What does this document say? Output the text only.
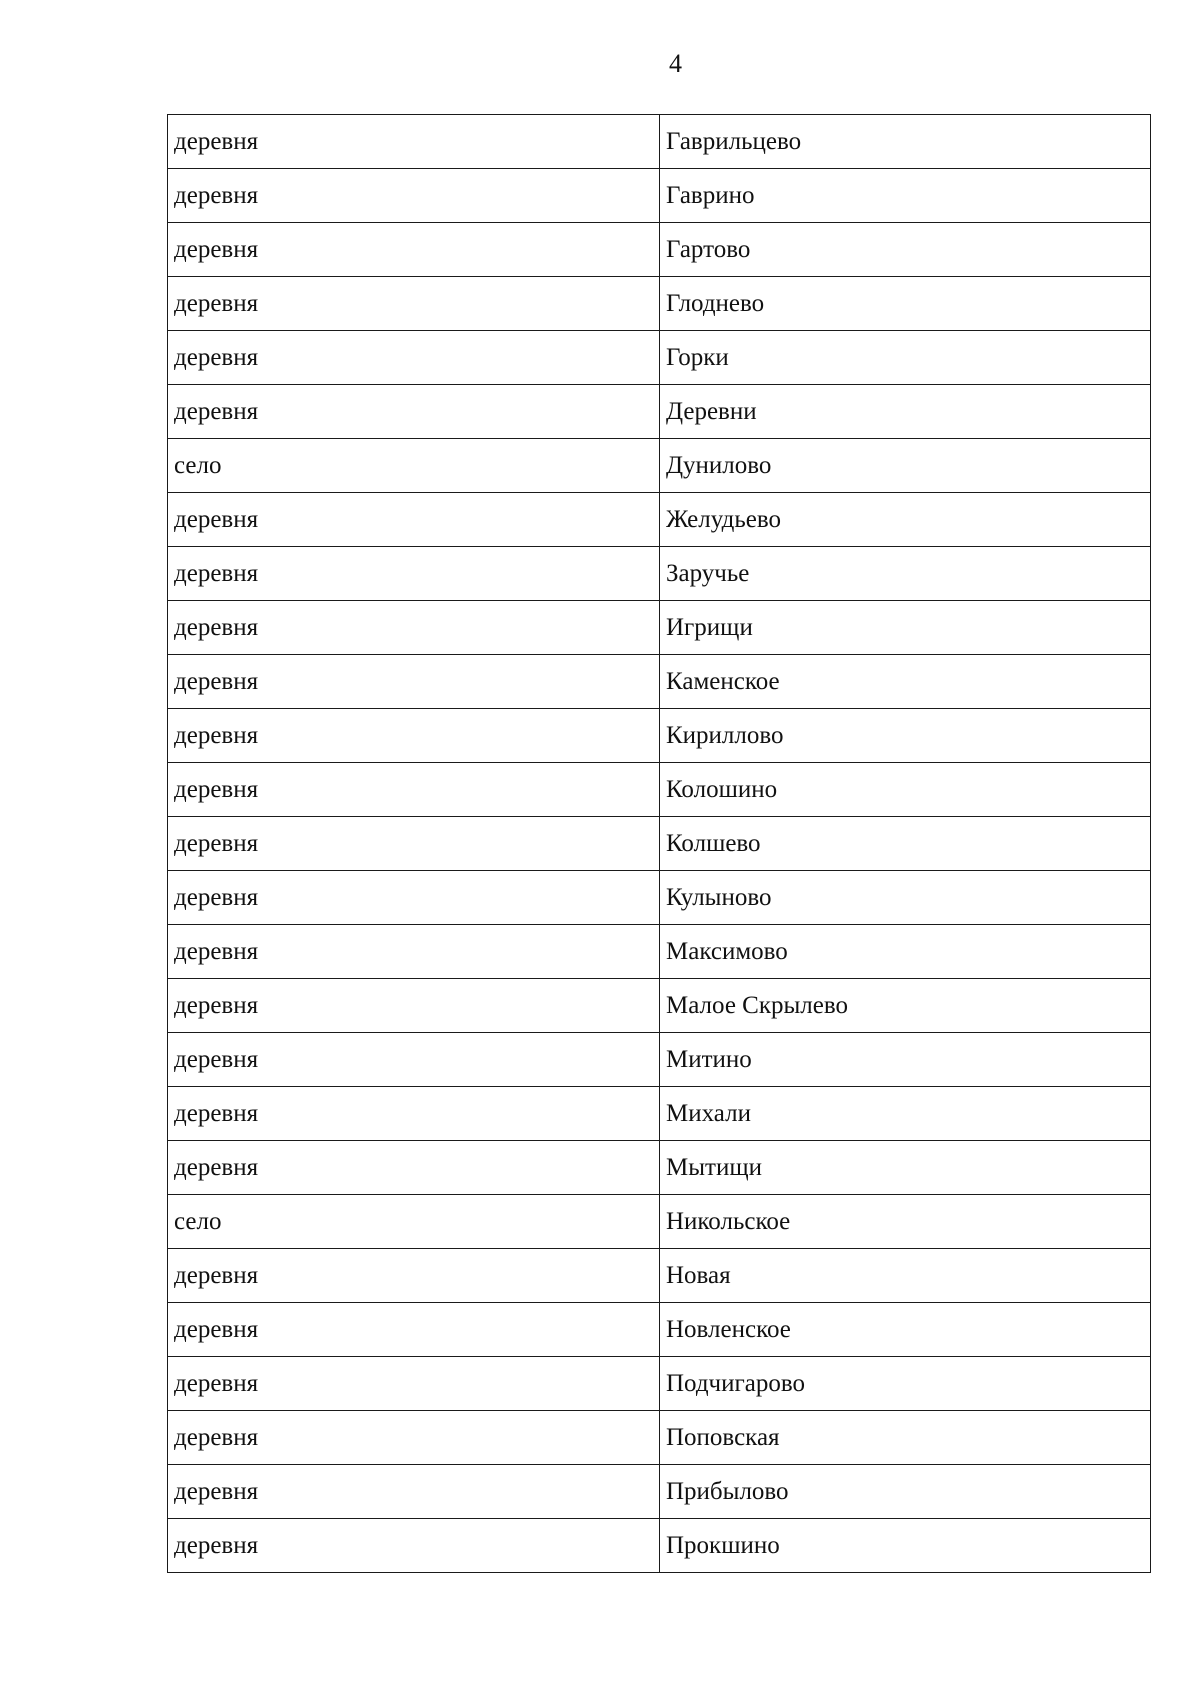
4
деревня	Гаврильцево
деревня	Гаврино
деревня	Гартово
деревня	Глоднево
деревня	Горки
деревня	Деревни
село	Дунилово
деревня	Желудьево
деревня	Заручье
деревня	Игрищи
деревня	Каменское
деревня	Кириллово
деревня	Колошино
деревня	Колшево
деревня	Кулыново
деревня	Максимово
деревня	Малое Скрылево
деревня	Митино
деревня	Михали
деревня	Мытищи
село	Никольское
деревня	Новая
деревня	Новленское
деревня	Подчигарово
деревня	Поповская
деревня	Прибылово
деревня	Прокшино
